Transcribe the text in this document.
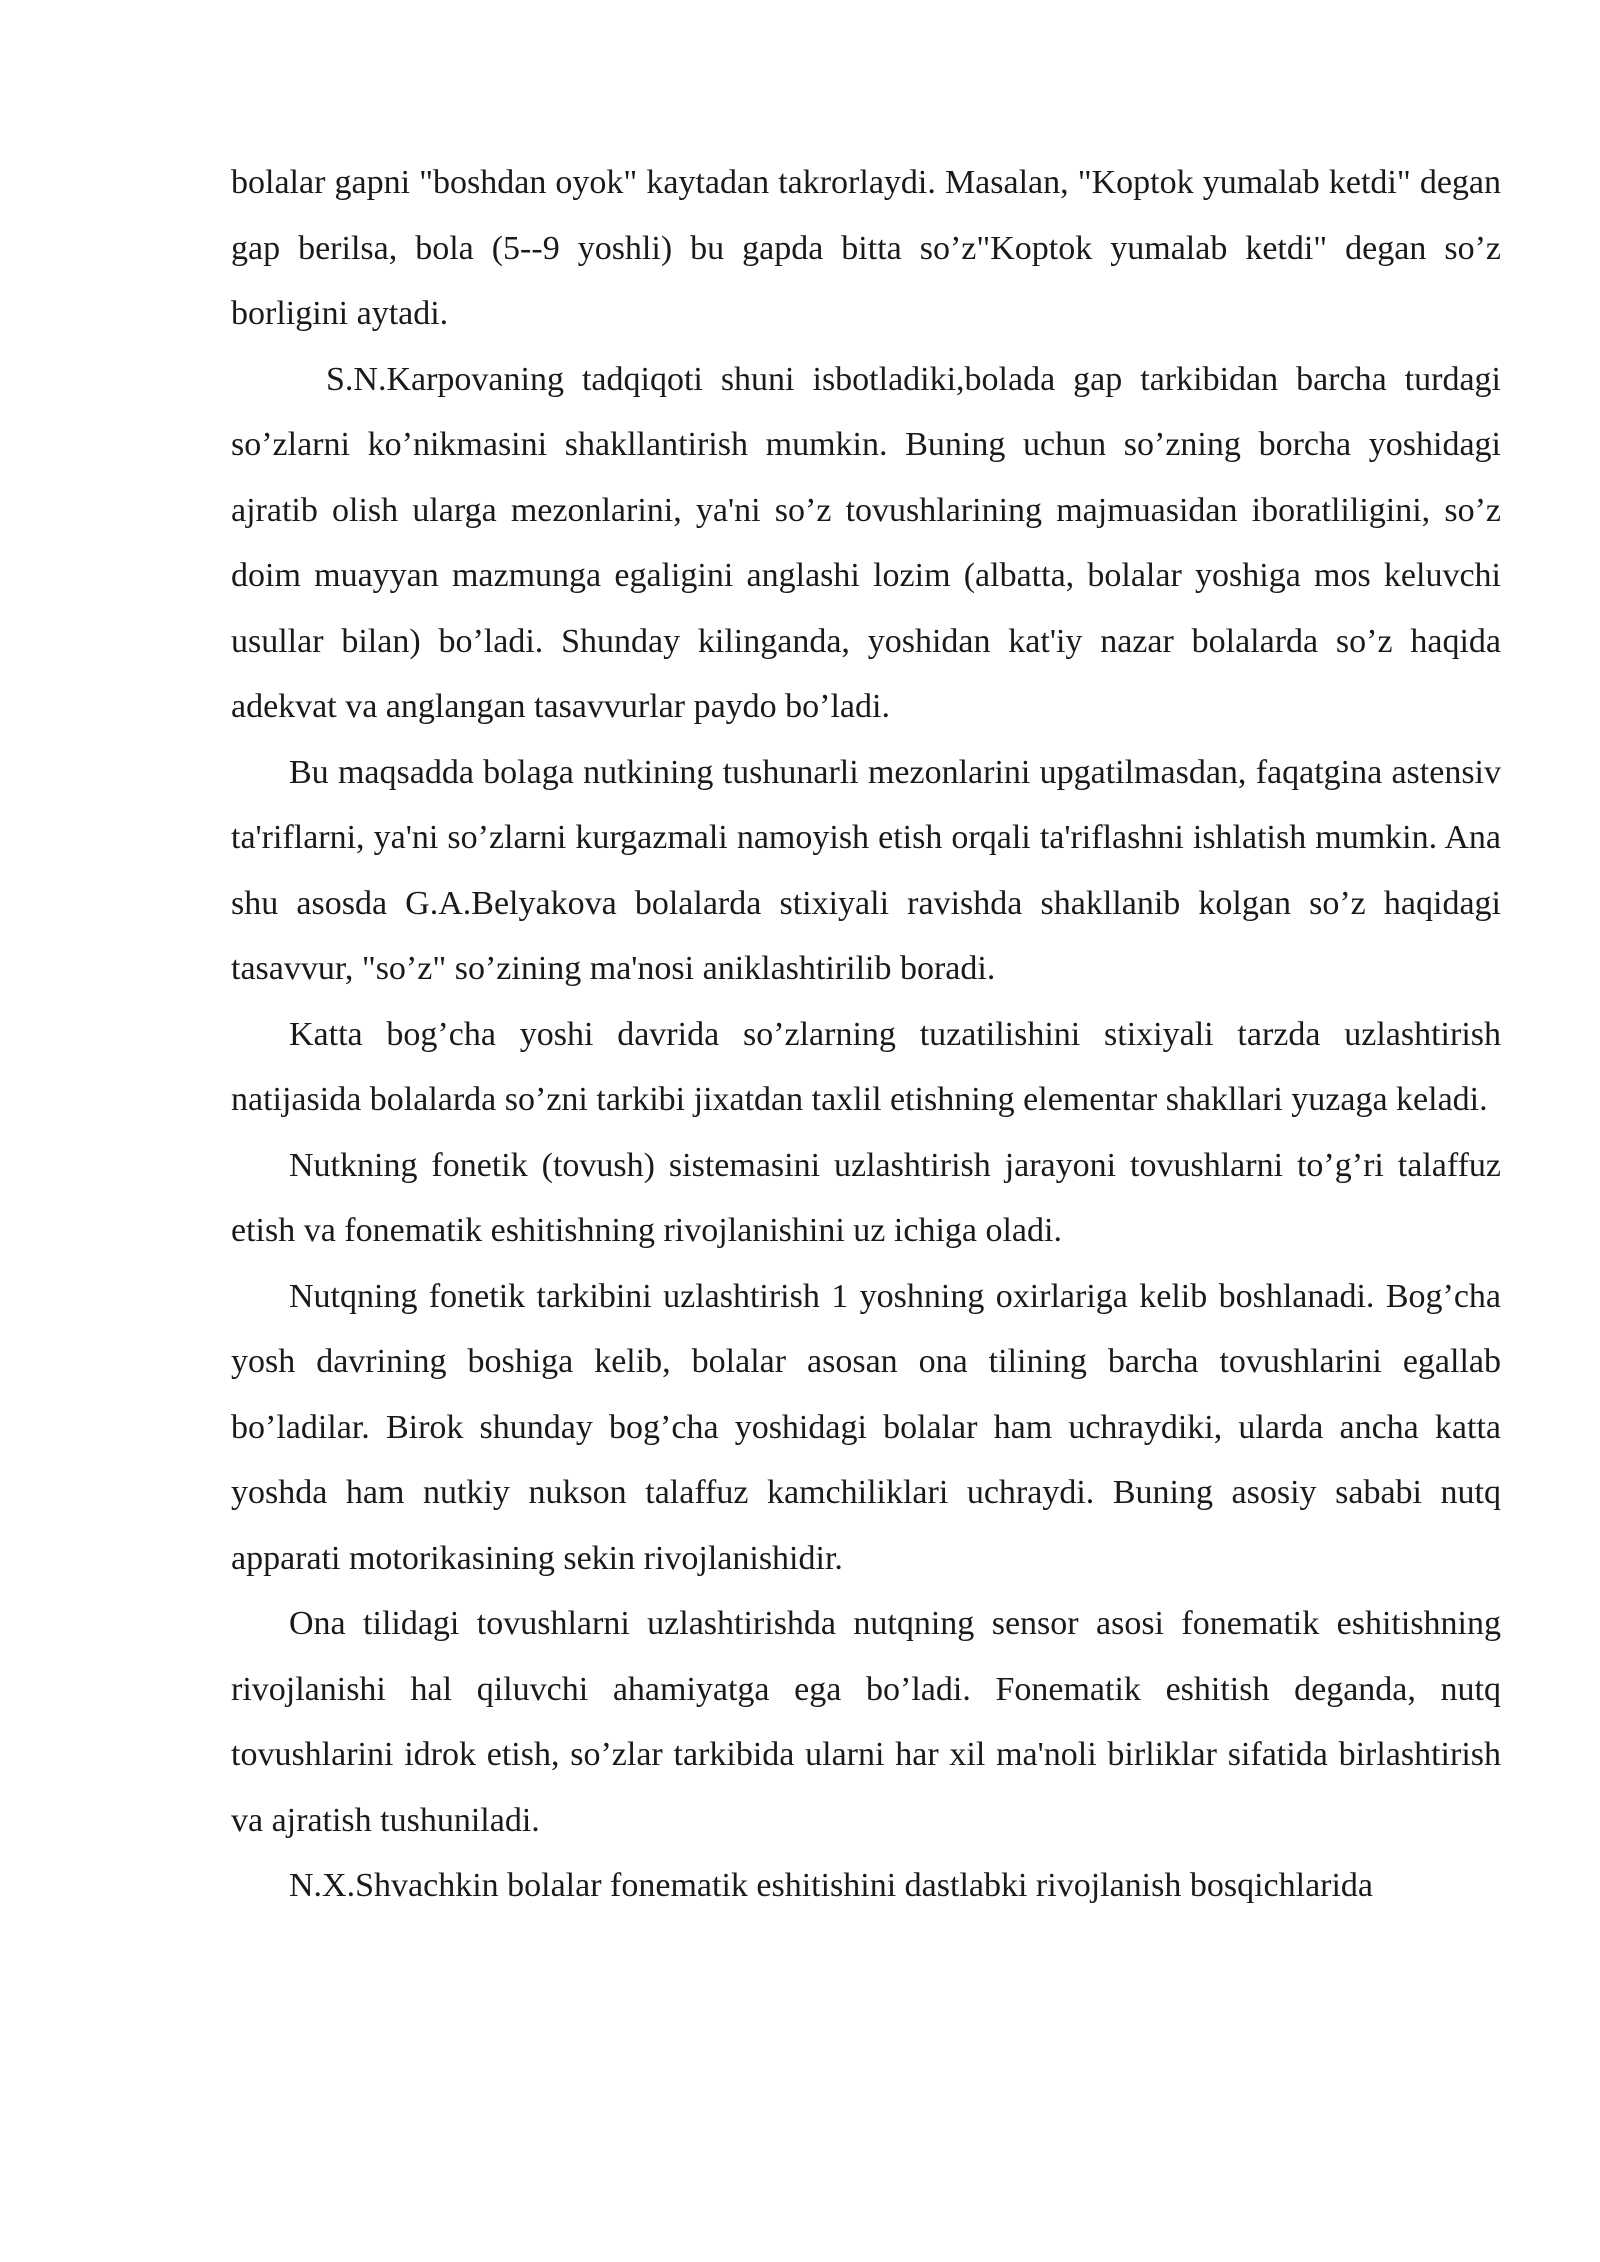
bolalar gapni "boshdan oyok" kaytadan takrorlaydi. Masalan, "Koptok yumalab ketdi" degan gap berilsa, bola (5--9 yoshli) bu gapda bitta so’z"Koptok yumalab ketdi" degan so’z borligini aytadi.

S.N.Karpovaning tadqiqoti shuni isbotladiki,bolada gap tarkibidan barcha turdagi so’zlarni ko’nikmasini shakllantirish mumkin. Buning uchun so’zning borcha yoshidagi ajratib olish ularga mezonlarini, ya'ni so’z tovushlarining majmuasidan iboratliligini, so’z doim muayyan mazmunga egaligini anglashi lozim (albatta, bolalar yoshiga mos keluvchi usullar bilan) bo’ladi. Shunday kilinganda, yoshidan kat'iy nazar bolalarda so’z haqida adekvat va anglangan tasavvurlar paydo bo’ladi.

Bu maqsadda bolaga nutkining tushunarli mezonlarini upgatilmasdan, faqatgina astensiv ta'riflarni, ya'ni so’zlarni kurgazmali namoyish etish orqali ta'riflashni ishlatish mumkin. Ana shu asosda G.A.Belyakova bolalarda stixiyali ravishda shakllanib kolgan so’z haqidagi tasavvur, "so’z" so’zining ma'nosi aniklashtirilib boradi.

Katta bog’cha yoshi davrida so’zlarning tuzatilishini stixiyali tarzda uzlashtirish natijasida bolalarda so’zni tarkibi jixatdan taxlil etishning elementar shakllari yuzaga keladi.

Nutkning fonetik (tovush) sistemasini uzlashtirish jarayoni tovushlarni to’g’ri talaffuz etish va fonematik eshitishning rivojlanishini uz ichiga oladi.

Nutqning fonetik tarkibini uzlashtirish 1 yoshning oxirlariga kelib boshlanadi. Bog’cha yosh davrining boshiga kelib, bolalar asosan ona tilining barcha tovushlarini egallab bo’ladilar. Birok shunday bog’cha yoshidagi bolalar ham uchraydiki, ularda ancha katta yoshda ham nutkiy nukson talaffuz kamchiliklari uchraydi. Buning asosiy sababi nutq apparati motorikasining sekin rivojlanishidir.

Ona tilidagi tovushlarni uzlashtirishda nutqning sensor asosi fonematik eshitishning rivojlanishi hal qiluvchi ahamiyatga ega bo’ladi. Fonematik eshitish deganda, nutq tovushlarini idrok etish, so’zlar tarkibida ularni har xil ma'noli birliklar sifatida birlashtirish va ajratish tushuniladi.

N.X.Shvachkin bolalar fonematik eshitishini dastlabki rivojlanish bosqichlarida
